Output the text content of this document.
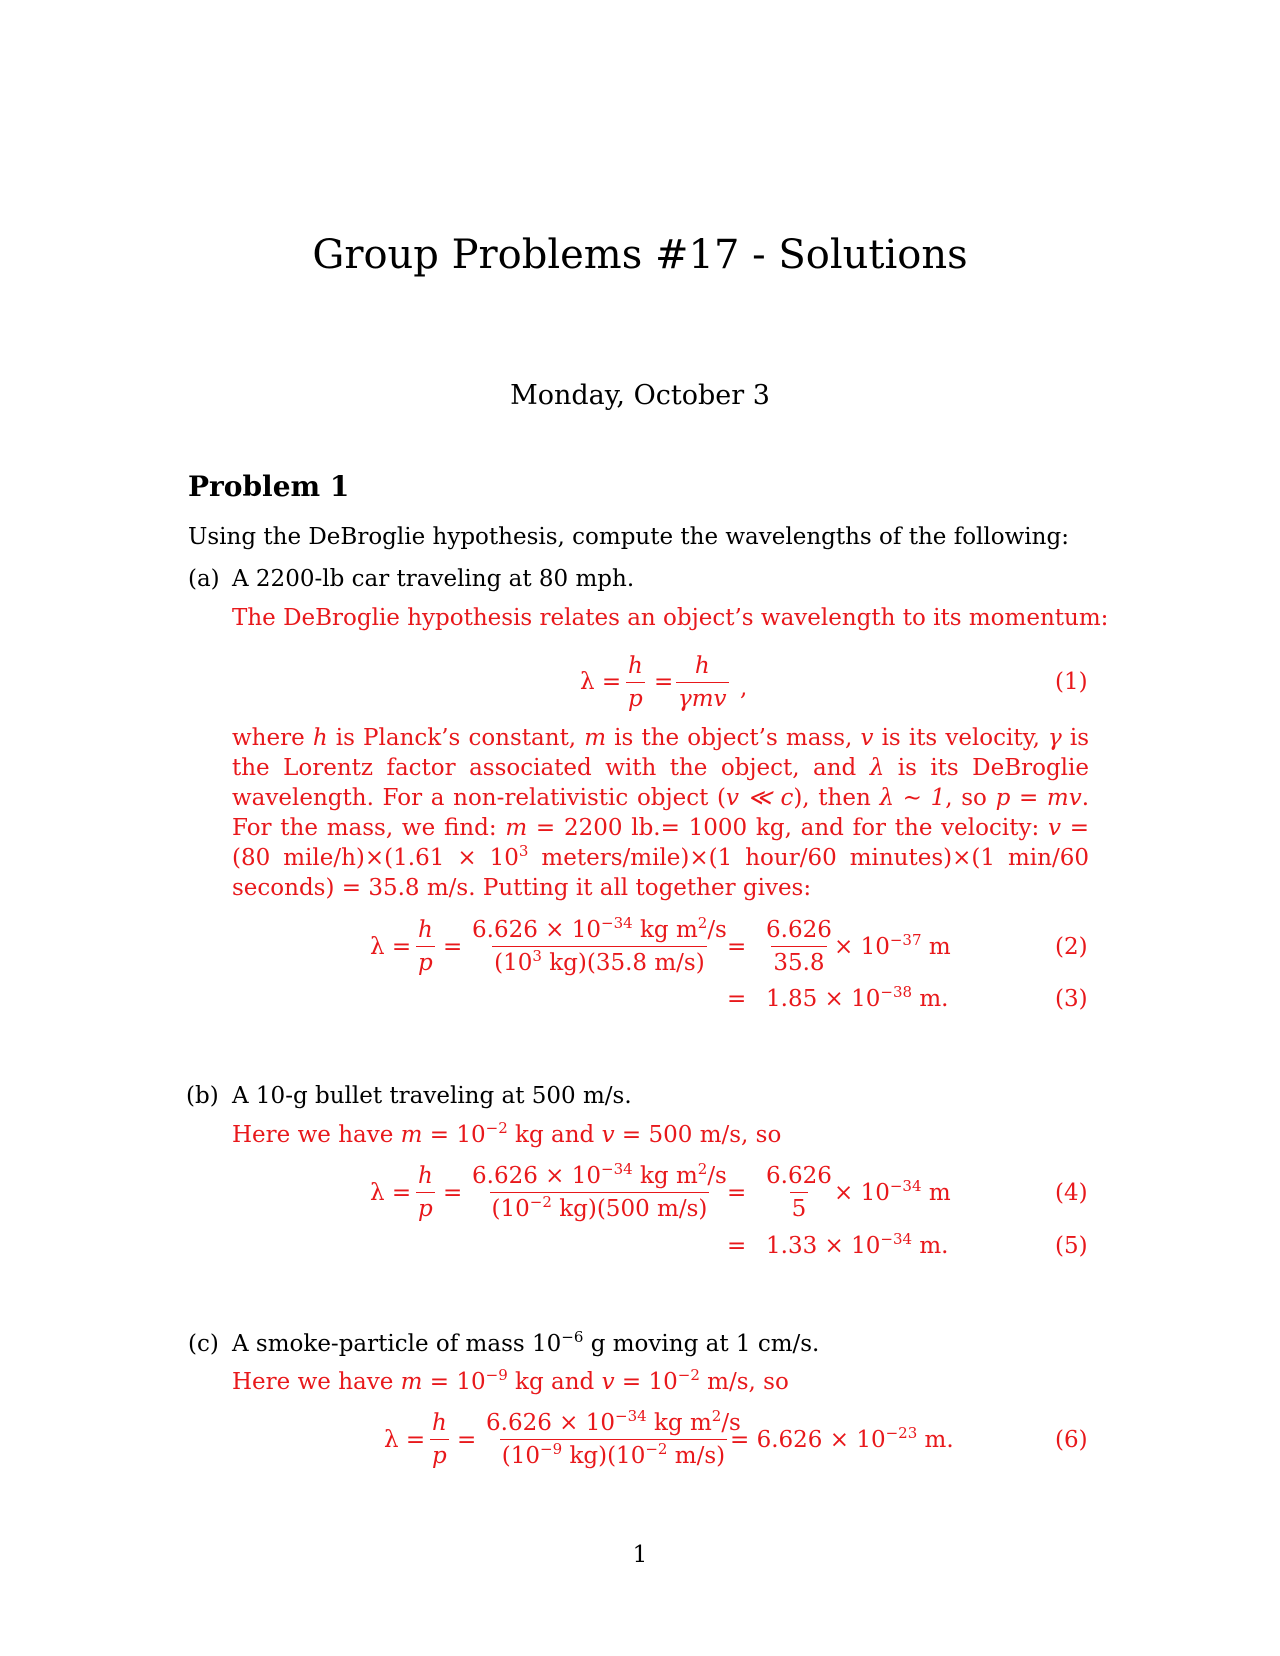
Group Problems #17 - Solutions
Monday, October 3
Problem 1
Using the DeBroglie hypothesis, compute the wavelengths of the following:
(a) A 2200-lb car traveling at 80 mph.
The DeBroglie hypothesis relates an object’s wavelength to its momentum:
$\lambda = \frac{h}{p}$ =
h
γmv ,	(1)
where h is Planck’s constant, m is the object’s mass, v is its velocity, γ is the Lorentz factor associated with the object, and λ is its DeBroglie wavelength. For a non-relativistic object (v ≪ c), then λ ∼ 1, so p = mv. For the mass, we find: m = 2200 lb.= 1000 kg, and for the velocity: v = (80 mile/h)×(1.61 × $10^3$ meters/mile)×(1 hour/60 minutes)×(1 min/60 seconds) = 35.8 m/s. Putting it all together gives:
$\lambda = \frac{h}{p} = \frac{6.626 \times 10^{-34} kg m^2/s}{(10^3 kg)(35.8 m/s)}$
= $\frac{6.626}{35.8} \times 10^{-37}$ m	(2)
= $1.85 \times 10^{-38}$ m.	(3)
(b) A 10-g bullet traveling at 500 m/s.
Here we have $m = 10^{-2}$ kg and v = 500 m/s, so
$\lambda = \frac{h}{p} = \frac{6.626 \times 10^{-34} kg m^2/s}{(10^{-2} kg)(500 m/s)}$
= $\frac{6.626}{5} \times 10^{-34}$ m	(4)
= $1.33 \times 10^{-34}$ m.	(5)
(c) A smoke-particle of mass $10^{-6}$ g moving at 1 cm/s.
Here we have $m = 10^{-9}$ kg and $v = 10^{-2}$ m/s, so
$\lambda = \frac{h}{p} = \frac{6.626 \times 10^{-34} kg m^2/s}{(10^{-9} kg)(10^{-2} m/s)}$
= $6.626 \times 10^{-23}$ m.	(6)
1
